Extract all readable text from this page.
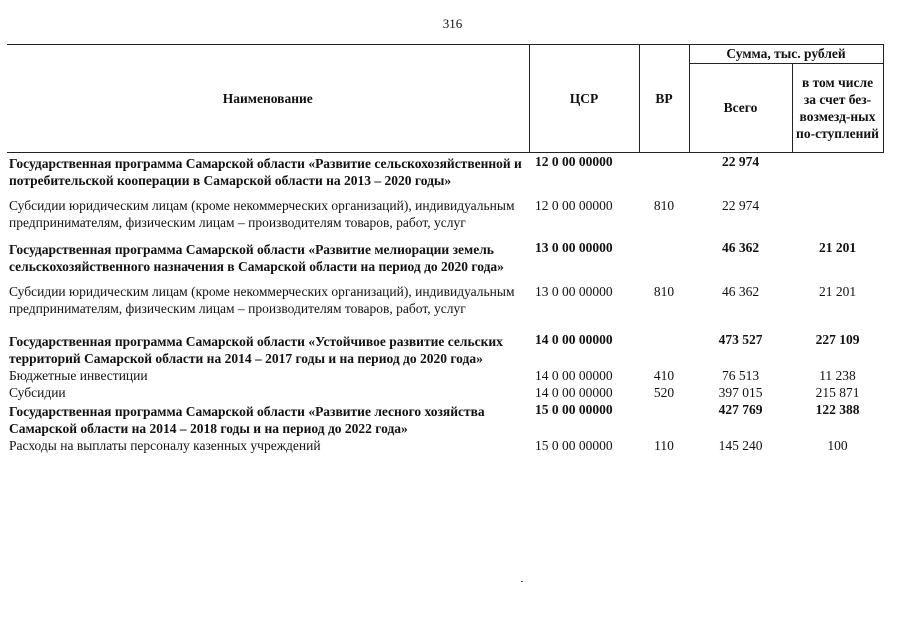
316
Наименование	ЦСР	ВР	Сумма, тыс. рублей	
			Всего	в том числе за счет без-возмезд-ных по-ступлений
Государственная программа Самарской области «Развитие сельскохозяйственной и потребительской кооперации в Самарской области на 2013 – 2020 годы»	12 0 00 00000		22 974	

Субсидии юридическим лицам (кроме некоммерческих организаций), индивидуальным предпринимателям, физическим лицам – производителям товаров, работ, услуг	12 0 00 00000	810	22 974	

Государственная программа Самарской области «Развитие мелиорации земель сельскохозяйственного назначения в Самарской области на период до 2020 года»	13 0 00 00000		46 362	21 201

Субсидии юридическим лицам (кроме некоммерческих организаций), индивидуальным предпринимателям, физическим лицам – производителям товаров, работ, услуг	13 0 00 00000	810	46 362	21 201

Государственная программа Самарской области «Устойчивое развитие сельских территорий Самарской области на 2014 – 2017 годы и на период до 2020 года»	14 0 00 00000		473 527	227 109
Бюджетные инвестиции	14 0 00 00000	410	76 513	11 238
Субсидии	14 0 00 00000	520	397 015	215 871
Государственная программа Самарской области «Развитие лесного хозяйства Самарской области на 2014 – 2018 годы и на период до 2022 года»	15 0 00 00000		427 769	122 388
Расходы на выплаты персоналу казенных учреждений	15 0 00 00000	110	145 240	100
